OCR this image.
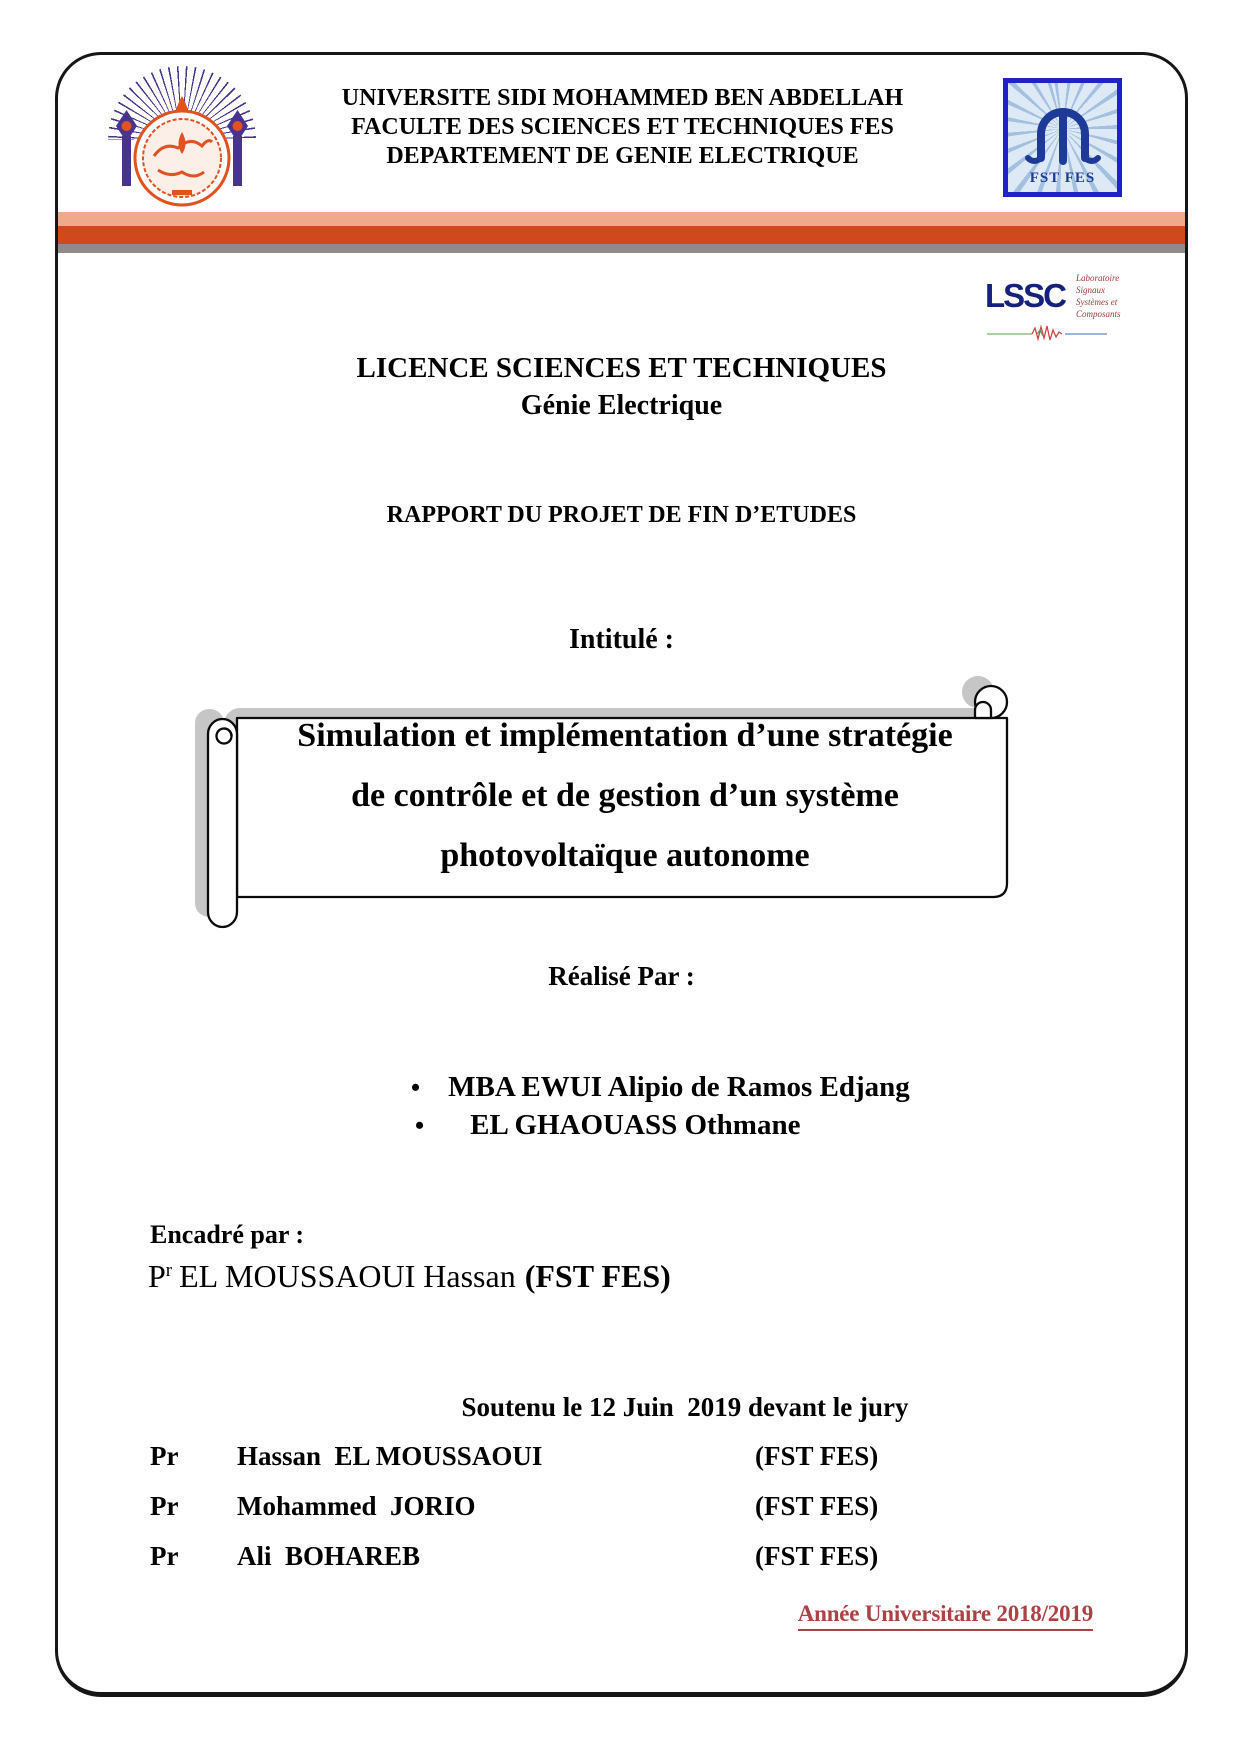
UNIVERSITE SIDI MOHAMMED BEN ABDELLAH
FACULTE DES SCIENCES ET TECHNIQUES FES
DEPARTEMENT DE GENIE ELECTRIQUE
FST FES
LSSC Laboratoire
Signaux
Systèmes et Composants
LICENCE SCIENCES ET TECHNIQUES
Génie Electrique
RAPPORT DU PROJET DE FIN D’ETUDES
Intitulé :
Simulation et implémentation d’une stratégie
de contrôle et de gestion d’un système
photovoltaïque autonome
Réalisé Par :

• MBA EWUI Alipio de Ramos Edjang

• EL GHAOUASS Othmane

Encadré par :
$P^r$ EL MOUSSAOUI Hassan (FST FES)
Soutenu le 12 Juin  2019 devant le jury
Pr Hassan  EL MOUSSAOUI	(FST FES)
Pr Mohammed  JORIO	(FST FES)
Pr Ali  BOHAREB	(FST FES)
Année Universitaire 2018/2019
